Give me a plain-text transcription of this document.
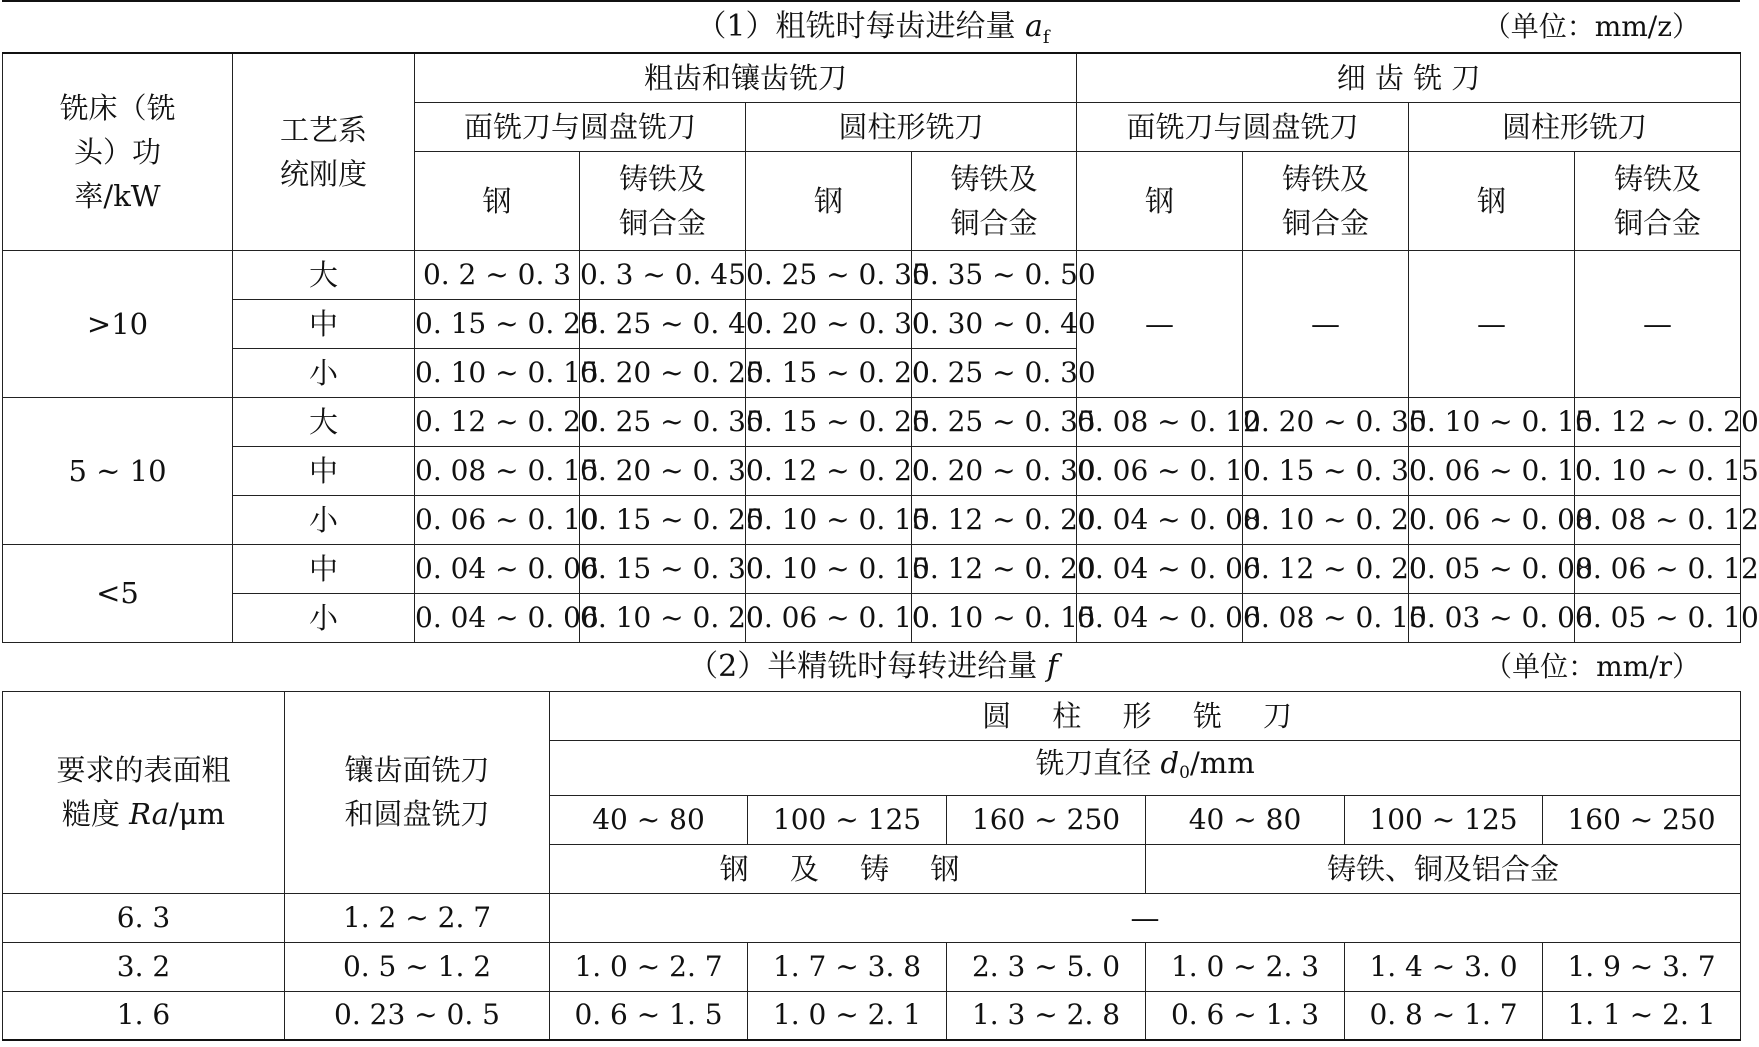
（1）粗铣时每齿进给量 $a_f$	（单位：mm/z）
铣床（铣头）功率/kW	工艺系统刚度	粗齿和镶齿铣刀				细 齿 铣 刀			
		面铣刀与圆盘铣刀		圆柱形铣刀		面铣刀与圆盘铣刀		圆柱形铣刀	
		钢	铸铁及铜合金	钢	铸铁及铜合金	钢	铸铁及铜合金	钢	铸铁及铜合金
>10	大	0. 2 ~ 0. 3	0. 3 ~ 0. 45	0. 25 ~ 0. 35	0. 35 ~ 0. 50	—	—	—	—
	中	0. 15 ~ 0. 25	0. 25 ~ 0. 40	0. 20 ~ 0. 30	0. 30 ~ 0. 40				
	小	0. 10 ~ 0. 15	0. 20 ~ 0. 25	0. 15 ~ 0. 20	0. 25 ~ 0. 30				
5 ~ 10	大	0. 12 ~ 0. 20	0. 25 ~ 0. 35	0. 15 ~ 0. 25	0. 25 ~ 0. 35	0. 08 ~ 0. 12	0. 20 ~ 0. 35	0. 10 ~ 0. 15	0. 12 ~ 0. 20
	中	0. 08 ~ 0. 15	0. 20 ~ 0. 30	0. 12 ~ 0. 20	0. 20 ~ 0. 30	0. 06 ~ 0. 10	0. 15 ~ 0. 30	0. 06 ~ 0. 10	0. 10 ~ 0. 15
	小	0. 06 ~ 0. 10	0. 15 ~ 0. 25	0. 10 ~ 0. 15	0. 12 ~ 0. 20	0. 04 ~ 0. 08	0. 10 ~ 0. 20	0. 06 ~ 0. 08	0. 08 ~ 0. 12
<5	中	0. 04 ~ 0. 06	0. 15 ~ 0. 30	0. 10 ~ 0. 15	0. 12 ~ 0. 20	0. 04 ~ 0. 06	0. 12 ~ 0. 20	0. 05 ~ 0. 08	0. 06 ~ 0. 12
	小	0. 04 ~ 0. 06	0. 10 ~ 0. 20	0. 06 ~ 0. 10	0. 10 ~ 0. 15	0. 04 ~ 0. 06	0. 08 ~ 0. 15	0. 03 ~ 0. 06	0. 05 ~ 0. 10
（2）半精铣时每转进给量 f	（单位：mm/r）
要求的表面粗糙度 Ra/μm	镶齿面铣刀和圆盘铣刀	圆 柱 形 铣 刀					
		铣刀直径 $d_0/mm$					
		40 ~ 80	100 ~ 125	160 ~ 250	40 ~ 80	100 ~ 125	160 ~ 250
		钢 及 铸 钢			铸铁、铜及铝合金		
6. 3	1. 2 ~ 2. 7	—					
3. 2	0. 5 ~ 1. 2	1. 0 ~ 2. 7	1. 7 ~ 3. 8	2. 3 ~ 5. 0	1. 0 ~ 2. 3	1. 4 ~ 3. 0	1. 9 ~ 3. 7
1. 6	0. 23 ~ 0. 5	0. 6 ~ 1. 5	1. 0 ~ 2. 1	1. 3 ~ 2. 8	0. 6 ~ 1. 3	0. 8 ~ 1. 7	1. 1 ~ 2. 1
